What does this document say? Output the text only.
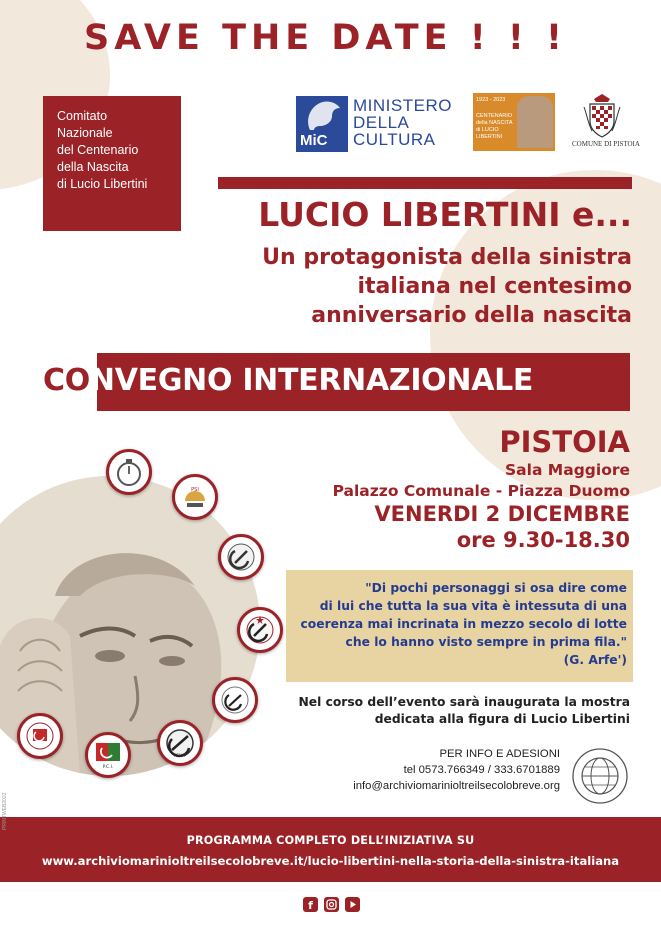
SAVE THE DATE ! ! !
Comitato
Nazionale
del Centenario
della Nascita
di Lucio Libertini
MiC
MINISTERO
DELLA
CULTURA
1923 - 2023
CENTENARIO
della NASCITA
di LUCIO LIBERTINI
COMUNE DI PISTOIA
LUCIO LIBERTINI e...
Un protagonista della sinistra
italiana nel centesimo
anniversario della nascita
CONVEGNO INTERNAZIONALE
PISTOIA
Sala Maggiore
Palazzo Comunale - Piazza Duomo
VENERDI 2 DICEMBRE
ore 9.30-18.30
"Di pochi personaggi si osa dire come
di lui che tutta la sua vita è intessuta di una
coerenza mai incrinata in mezzo secolo di lotte
che lo hanno visto sempre in prima fila."
(G. Arfe')
PSI
PSIUP
P.C.I.
Nel corso dell’evento sarà inaugurata la mostra
dedicata alla figura di Lucio Libertini
PER INFO E ADESIONI
tel 0573.766349 / 333.6701889
info@archiviomarinioltreilsecolobreve.org
PROGRAMMA COMPLETO DELL’INIZIATIVA SU
www.archiviomarinioltreilsecolobreve.it/lucio-libertini-nella-storia-della-sinistra-italiana
PRINTWEB2022
f
